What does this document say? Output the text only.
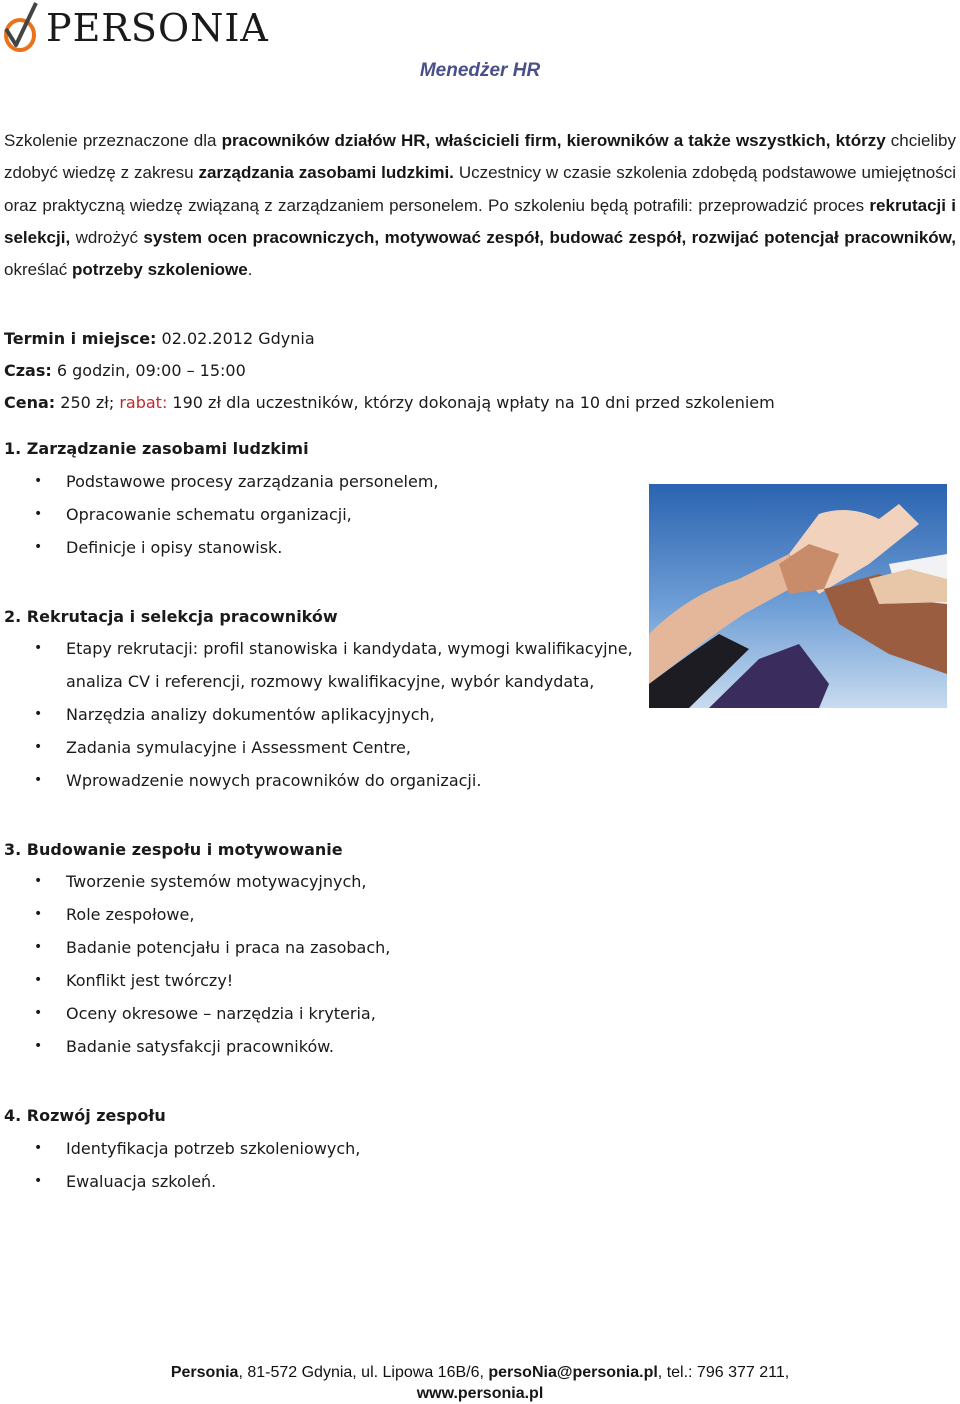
PERSONIA
Menedżer HR

Szkolenie przeznaczone dla pracowników działów HR, właścicieli firm, kierowników a także wszystkich, którzy chcieliby zdobyć wiedzę z zakresu zarządzania zasobami ludzkimi. Uczestnicy w czasie szkolenia zdobędą podstawowe umiejętności oraz praktyczną wiedzę związaną z zarządzaniem personelem. Po szkoleniu będą potrafili: przeprowadzić proces rekrutacji i selekcji, wdrożyć system ocen pracowniczych, motywować zespół, budować zespół, rozwijać potencjał pracowników, określać potrzeby szkoleniowe.

Termin i miejsce: 02.02.2012 Gdynia

Czas: 6 godzin, 09:00 – 15:00

Cena: 250 zł; rabat: 190 zł dla uczestników, którzy dokonają wpłaty na 10 dni przed szkoleniem

1. Zarządzanie zasobami ludzkimi

• Podstawowe procesy zarządzania personelem,
• Opracowanie schematu organizacji,
• Definicje i opisy stanowisk.

2. Rekrutacja i selekcja pracowników

• Etapy rekrutacji: profil stanowiska i kandydata, wymogi kwalifikacyjne,
analiza CV i referencji, rozmowy kwalifikacyjne, wybór kandydata,
• Narzędzia analizy dokumentów aplikacyjnych,
• Zadania symulacyjne i Assessment Centre,
• Wprowadzenie nowych pracowników do organizacji.

3. Budowanie zespołu i motywowanie

• Tworzenie systemów motywacyjnych,
• Role zespołowe,
• Badanie potencjału i praca na zasobach,
• Konflikt jest twórczy!
• Oceny okresowe – narzędzia i kryteria,
• Badanie satysfakcji pracowników.

4. Rozwój zespołu

• Identyfikacja potrzeb szkoleniowych,
• Ewaluacja szkoleń.
Personia, 81-572 Gdynia, ul. Lipowa 16B/6, persoNia@personia.pl, tel.: 796 377 211,
www.personia.pl
